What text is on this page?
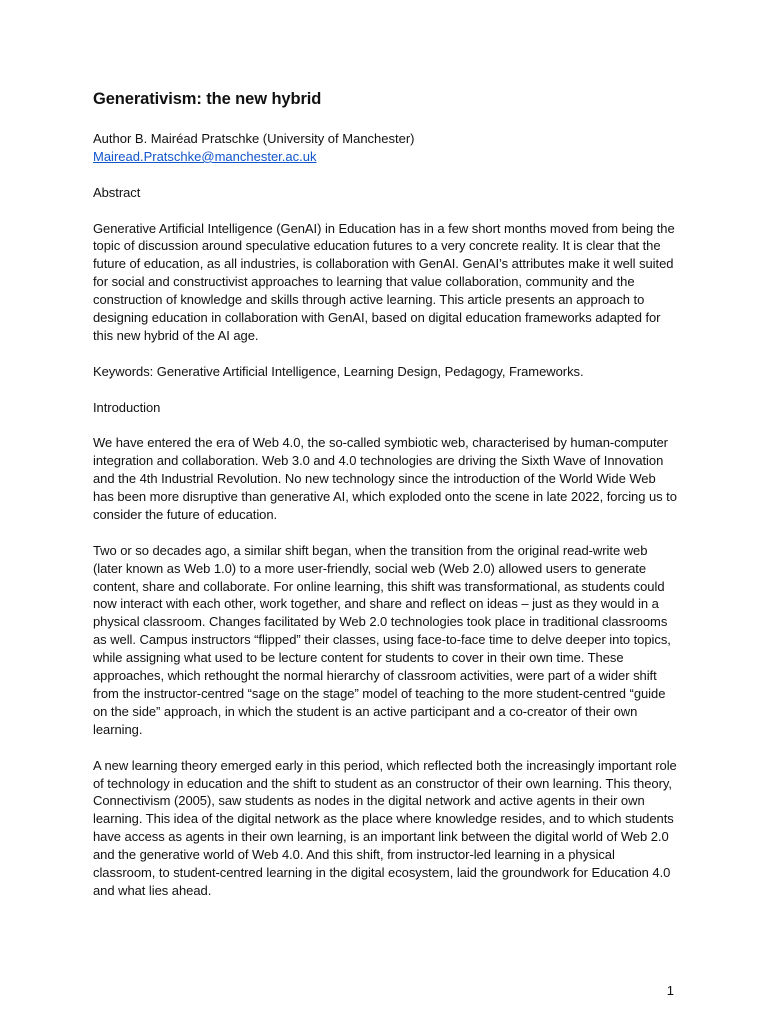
Generativism: the new hybrid
Author B. Mairéad Pratschke (University of Manchester)
Mairead.Pratschke@manchester.ac.uk
Abstract
Generative Artificial Intelligence (GenAI) in Education has in a few short months moved from being the topic of discussion around speculative education futures to a very concrete reality. It is clear that the future of education, as all industries, is collaboration with GenAI. GenAI’s attributes make it well suited for social and constructivist approaches to learning that value collaboration, community and the construction of knowledge and skills through active learning. This article presents an approach to designing education in collaboration with GenAI, based on digital education frameworks adapted for this new hybrid of the AI age.
Keywords: Generative Artificial Intelligence, Learning Design, Pedagogy, Frameworks.
Introduction
We have entered the era of Web 4.0, the so-called symbiotic web, characterised by human-computer integration and collaboration. Web 3.0 and 4.0 technologies are driving the Sixth Wave of Innovation and the 4th Industrial Revolution. No new technology since the introduction of the World Wide Web has been more disruptive than generative AI, which exploded onto the scene in late 2022, forcing us to consider the future of education.
Two or so decades ago, a similar shift began, when the transition from the original read-write web (later known as Web 1.0) to a more user-friendly, social web (Web 2.0) allowed users to generate content, share and collaborate. For online learning, this shift was transformational, as students could now interact with each other, work together, and share and reflect on ideas – just as they would in a physical classroom. Changes facilitated by Web 2.0 technologies took place in traditional classrooms as well. Campus instructors “flipped” their classes, using face-to-face time to delve deeper into topics, while assigning what used to be lecture content for students to cover in their own time. These approaches, which rethought the normal hierarchy of classroom activities, were part of a wider shift from the instructor-centred “sage on the stage” model of teaching to the more student-centred “guide on the side” approach, in which the student is an active participant and a co-creator of their own learning.
A new learning theory emerged early in this period, which reflected both the increasingly important role of technology in education and the shift to student as an constructor of their own learning. This theory, Connectivism (2005), saw students as nodes in the digital network and active agents in their own learning. This idea of the digital network as the place where knowledge resides, and to which students have access as agents in their own learning, is an important link between the digital world of Web 2.0 and the generative world of Web 4.0. And this shift, from instructor-led learning in a physical classroom, to student-centred learning in the digital ecosystem, laid the groundwork for Education 4.0 and what lies ahead.
1
